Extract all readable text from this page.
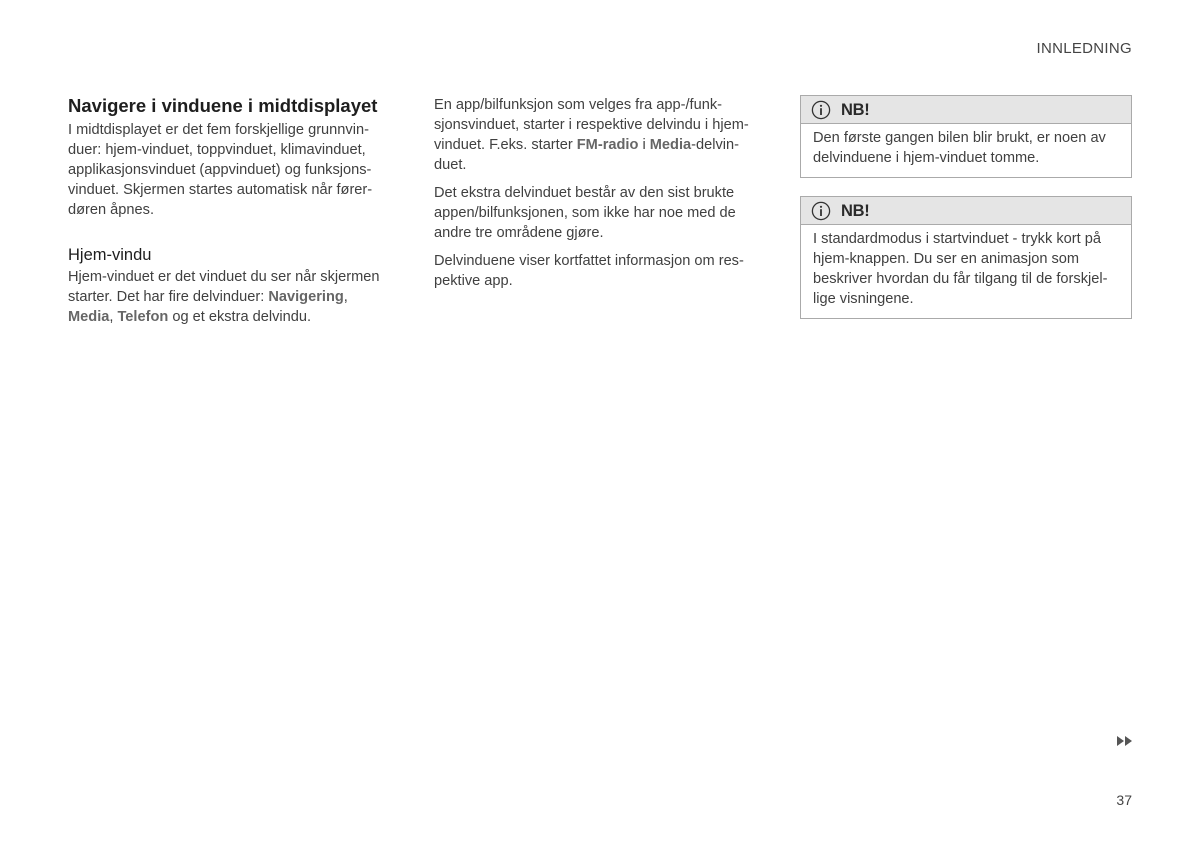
INNLEDNING
Navigere i vinduene i midtdisplayet

I midtdisplayet er det fem forskjellige grunnvin-duer: hjem-vinduet, toppvinduet, klimavinduet, applikasjonsvinduet (appvinduet) og funksjons-vinduet. Skjermen startes automatisk når fører-døren åpnes.

Hjem-vindu

Hjem-vinduet er det vinduet du ser når skjermen starter. Det har fire delvinduer: Navigering, Media, Telefon og et ekstra delvindu.

En app/bilfunksjon som velges fra app-/funk-sjonsvinduet, starter i respektive delvindu i hjem-vinduet. F.eks. starter FM-radio i Media-delvin-duet.

Det ekstra delvinduet består av den sist brukte appen/bilfunksjonen, som ikke har noe med de andre tre områdene gjøre.

Delvinduene viser kortfattet informasjon om res-pektive app.

NB!
Den første gangen bilen blir brukt, er noen av delvinduene i hjem-vinduet tomme.
NB!
I standardmodus i startvinduet - trykk kort på hjem-knappen. Du ser en animasjon som beskriver hvordan du får tilgang til de forskjel-lige visningene.
37
